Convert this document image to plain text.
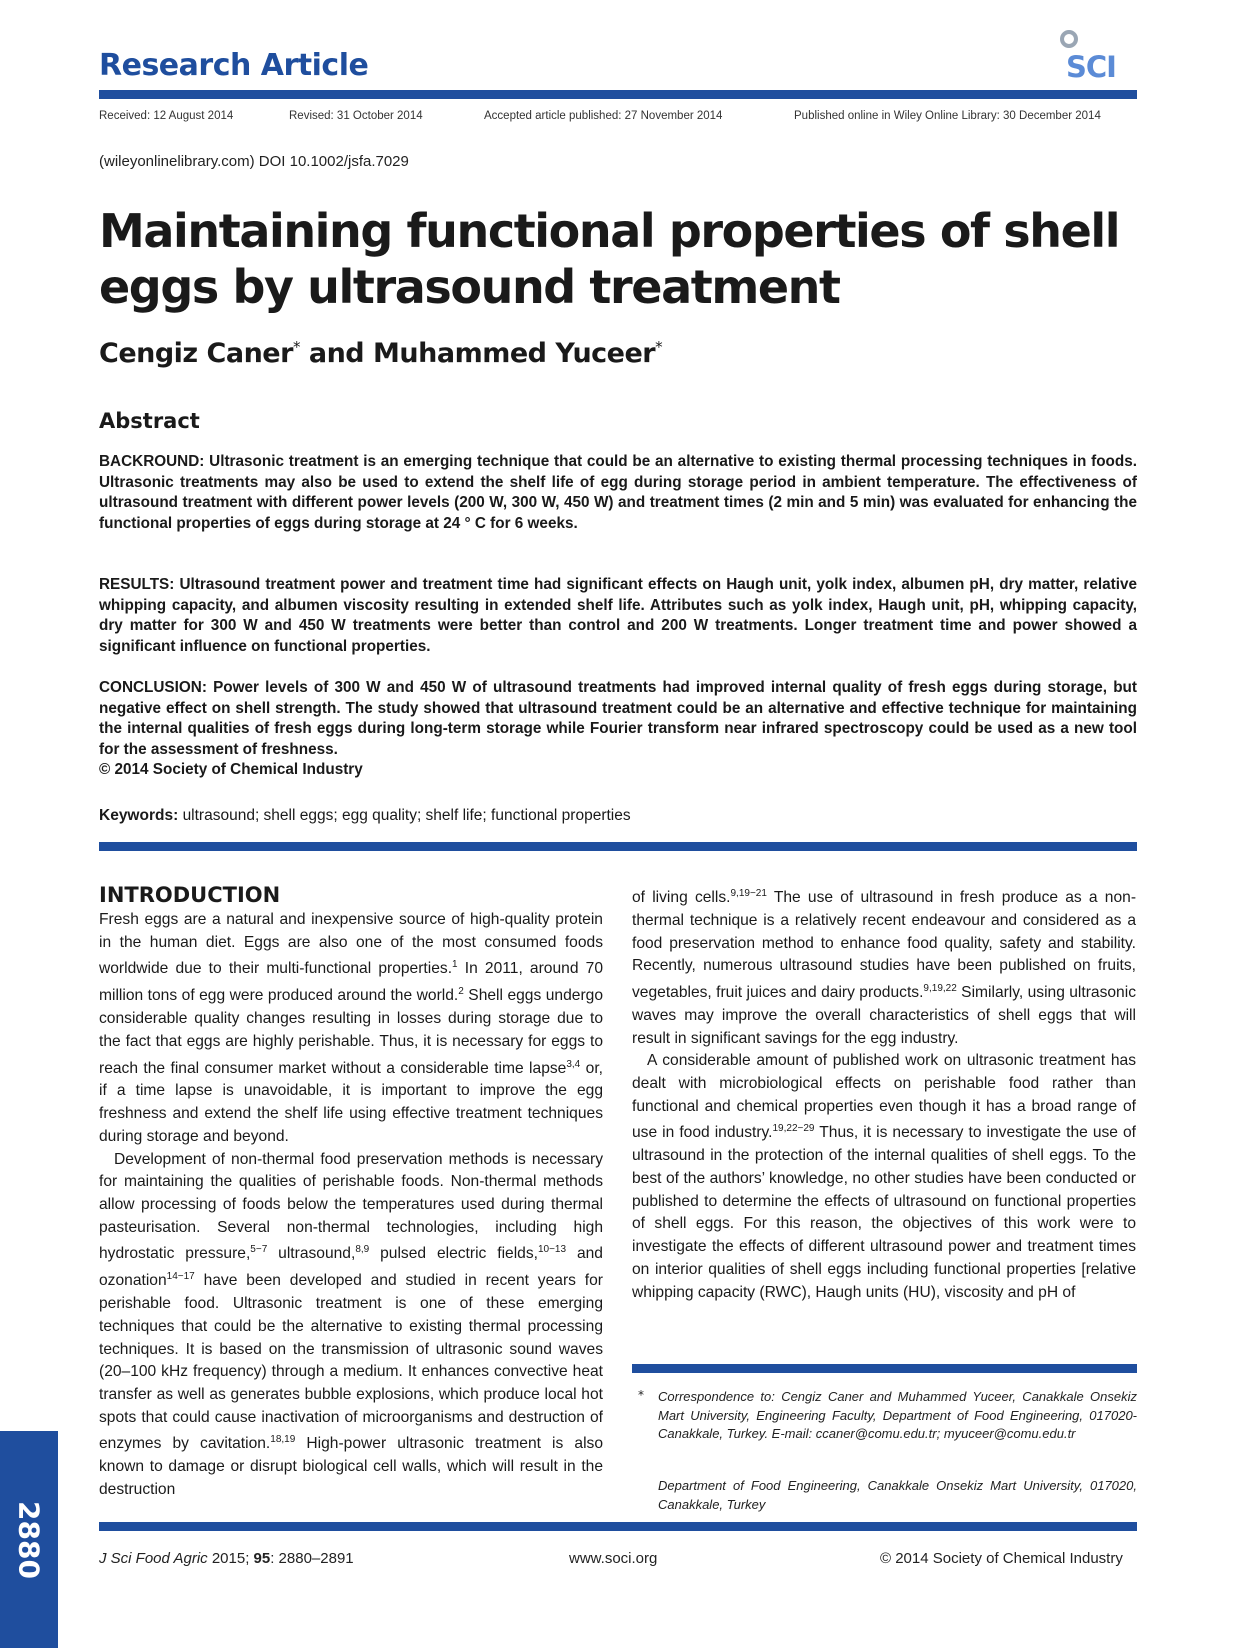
Research Article	SCI
Received: 12 August 2014	Revised: 31 October 2014	Accepted article published: 27 November 2014	Published online in Wiley Online Library: 30 December 2014
(wileyonlinelibrary.com) DOI 10.1002/jsfa.7029
Maintaining functional properties of shell eggs by ultrasound treatment
Cengiz Caner* and Muhammed Yuceer*
Abstract
BACKROUND: Ultrasonic treatment is an emerging technique that could be an alternative to existing thermal processing techniques in foods. Ultrasonic treatments may also be used to extend the shelf life of egg during storage period in ambient temperature. The effectiveness of ultrasound treatment with different power levels (200 W, 300 W, 450 W) and treatment times (2 min and 5 min) was evaluated for enhancing the functional properties of eggs during storage at 24 ° C for 6 weeks.
RESULTS: Ultrasound treatment power and treatment time had significant effects on Haugh unit, yolk index, albumen pH, dry matter, relative whipping capacity, and albumen viscosity resulting in extended shelf life. Attributes such as yolk index, Haugh unit, pH, whipping capacity, dry matter for 300 W and 450 W treatments were better than control and 200 W treatments. Longer treatment time and power showed a significant influence on functional properties.
CONCLUSION: Power levels of 300 W and 450 W of ultrasound treatments had improved internal quality of fresh eggs during storage, but negative effect on shell strength. The study showed that ultrasound treatment could be an alternative and effective technique for maintaining the internal qualities of fresh eggs during long-term storage while Fourier transform near infrared spectroscopy could be used as a new tool for the assessment of freshness.
© 2014 Society of Chemical Industry
Keywords: ultrasound; shell eggs; egg quality; shelf life; functional properties
INTRODUCTION

Fresh eggs are a natural and inexpensive source of high-quality protein in the human diet. Eggs are also one of the most consumed foods worldwide due to their multi-functional properties.$^1$ In 2011, around 70 million tons of egg were produced around the world.$^2$ Shell eggs undergo considerable quality changes resulting in losses during storage due to the fact that eggs are highly perishable. Thus, it is necessary for eggs to reach the final consumer market without a considerable time lapse$^{3,4}$ or, if a time lapse is unavoidable, it is important to improve the egg freshness and extend the shelf life using effective treatment techniques during storage and beyond.

Development of non-thermal food preservation methods is necessary for maintaining the qualities of perishable foods. Non-thermal methods allow processing of foods below the temperatures used during thermal pasteurisation. Several non-thermal technologies, including high hydrostatic pressure,$^{5-7}$ ultrasound,$^{8,9}$ pulsed electric fields,$^{10-13}$ and ozonation$^{14-17}$ have been developed and studied in recent years for perishable food. Ultrasonic treatment is one of these emerging techniques that could be the alternative to existing thermal processing techniques. It is based on the transmission of ultrasonic sound waves (20–100 kHz frequency) through a medium. It enhances convective heat transfer as well as generates bubble explosions, which produce local hot spots that could cause inactivation of microorganisms and destruction of enzymes by cavitation.$^{18,19}$ High-power ultrasonic treatment is also known to damage or disrupt biological cell walls, which will result in the destruction

of living cells.$^{9,19-21}$ The use of ultrasound in fresh produce as a non-thermal technique is a relatively recent endeavour and considered as a food preservation method to enhance food quality, safety and stability. Recently, numerous ultrasound studies have been published on fruits, vegetables, fruit juices and dairy products.$^{9,19,22}$ Similarly, using ultrasonic waves may improve the overall characteristics of shell eggs that will result in significant savings for the egg industry.

A considerable amount of published work on ultrasonic treatment has dealt with microbiological effects on perishable food rather than functional and chemical properties even though it has a broad range of use in food industry.$^{19,22-29}$ Thus, it is necessary to investigate the use of ultrasound in the protection of the internal qualities of shell eggs. To the best of the authors’ knowledge, no other studies have been conducted or published to determine the effects of ultrasound on functional properties of shell eggs. For this reason, the objectives of this work were to investigate the effects of different ultrasound power and treatment times on interior qualities of shell eggs including functional properties [relative whipping capacity (RWC), Haugh units (HU), viscosity and pH of

* Correspondence to: Cengiz Caner and Muhammed Yuceer, Canakkale Onsekiz Mart University, Engineering Faculty, Department of Food Engineering, 017020-Canakkale, Turkey. E-mail: ccaner@comu.edu.tr; myuceer@comu.edu.tr
Department of Food Engineering, Canakkale Onsekiz Mart University, 017020, Canakkale, Turkey
2880	J Sci Food Agric 2015; 95: 2880–2891	www.soci.org	© 2014 Society of Chemical Industry
